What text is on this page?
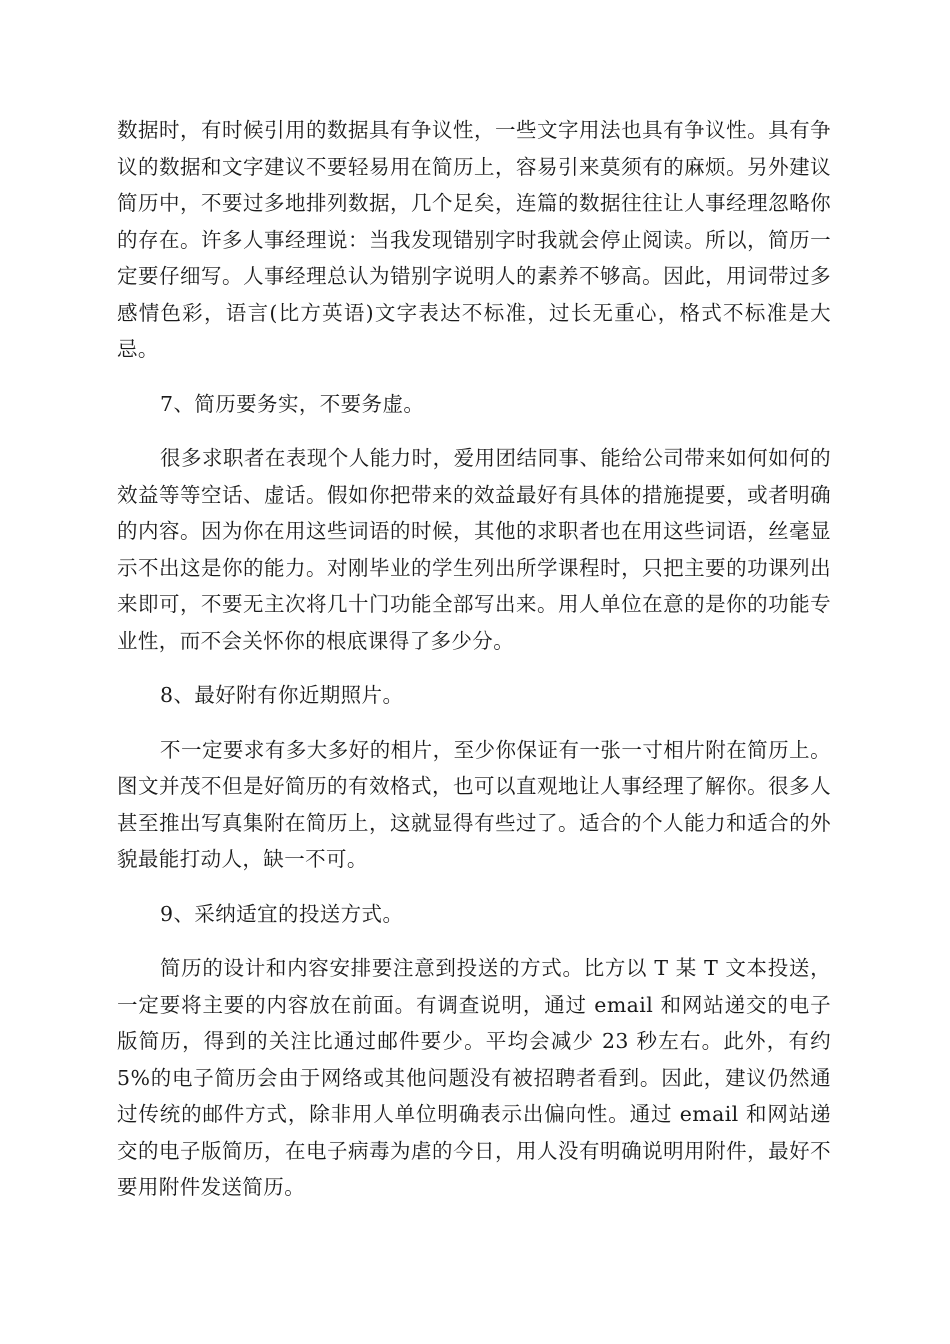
数据时，有时候引用的数据具有争议性，一些文字用法也具有争议性。具有争议的数据和文字建议不要轻易用在简历上，容易引来莫须有的麻烦。另外建议简历中，不要过多地排列数据，几个足矣，连篇的数据往往让人事经理忽略你的存在。许多人事经理说：当我发现错别字时我就会停止阅读。所以，简历一定要仔细写。人事经理总认为错别字说明人的素养不够高。因此，用词带过多感情色彩，语言(比方英语)文字表达不标准，过长无重心，格式不标准是大忌。

7、简历要务实，不要务虚。

很多求职者在表现个人能力时，爱用团结同事、能给公司带来如何如何的效益等等空话、虚话。假如你把带来的效益最好有具体的措施提要，或者明确的内容。因为你在用这些词语的时候，其他的求职者也在用这些词语，丝毫显示不出这是你的能力。对刚毕业的学生列出所学课程时，只把主要的功课列出来即可，不要无主次将几十门功能全部写出来。用人单位在意的是你的功能专业性，而不会关怀你的根底课得了多少分。

8、最好附有你近期照片。

不一定要求有多大多好的相片，至少你保证有一张一寸相片附在简历上。图文并茂不但是好简历的有效格式，也可以直观地让人事经理了解你。很多人甚至推出写真集附在简历上，这就显得有些过了。适合的个人能力和适合的外貌最能打动人，缺一不可。

9、采纳适宜的投送方式。

简历的设计和内容安排要注意到投送的方式。比方以 T 某 T 文本投送，一定要将主要的内容放在前面。有调查说明，通过 email 和网站递交的电子版简历，得到的关注比通过邮件要少。平均会减少 23 秒左右。此外，有约 5%的电子简历会由于网络或其他问题没有被招聘者看到。因此，建议仍然通过传统的邮件方式，除非用人单位明确表示出偏向性。通过 email 和网站递交的电子版简历，在电子病毒为虐的今日，用人没有明确说明用附件，最好不要用附件发送简历。
